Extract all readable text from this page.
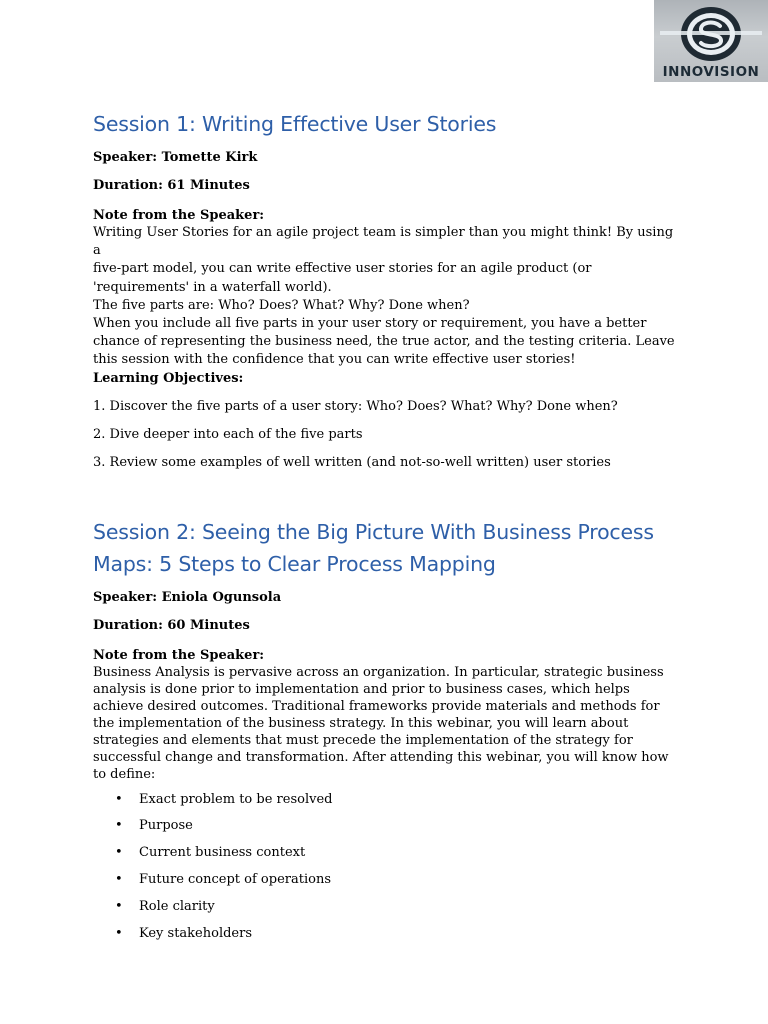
INNOVISION
Session 1: Writing Effective User Stories

Speaker: Tomette Kirk

Duration: 61 Minutes

Note from the Speaker:

Writing User Stories for an agile project team is simpler than you might think! By using a

five-part model, you can write effective user stories for an agile product (or

'requirements' in a waterfall world).

The five parts are: Who? Does? What? Why? Done when?

When you include all five parts in your user story or requirement, you have a better

chance of representing the business need, the true actor, and the testing criteria. Leave

this session with the confidence that you can write effective user stories!

Learning Objectives:

1. Discover the five parts of a user story: Who? Does? What? Why? Done when?

2. Dive deeper into each of the five parts

3. Review some examples of well written (and not-so-well written) user stories

Session 2: Seeing the Big Picture With Business Process
Maps: 5 Steps to Clear Process Mapping

Speaker: Eniola Ogunsola

Duration: 60 Minutes

Note from the Speaker:

Business Analysis is pervasive across an organization. In particular, strategic business

analysis is done prior to implementation and prior to business cases, which helps

achieve desired outcomes. Traditional frameworks provide materials and methods for

the implementation of the business strategy. In this webinar, you will learn about

strategies and elements that must precede the implementation of the strategy for

successful change and transformation. After attending this webinar, you will know how

to define:

• Exact problem to be resolved
• Purpose
• Current business context
• Future concept of operations
• Role clarity
• Key stakeholders
